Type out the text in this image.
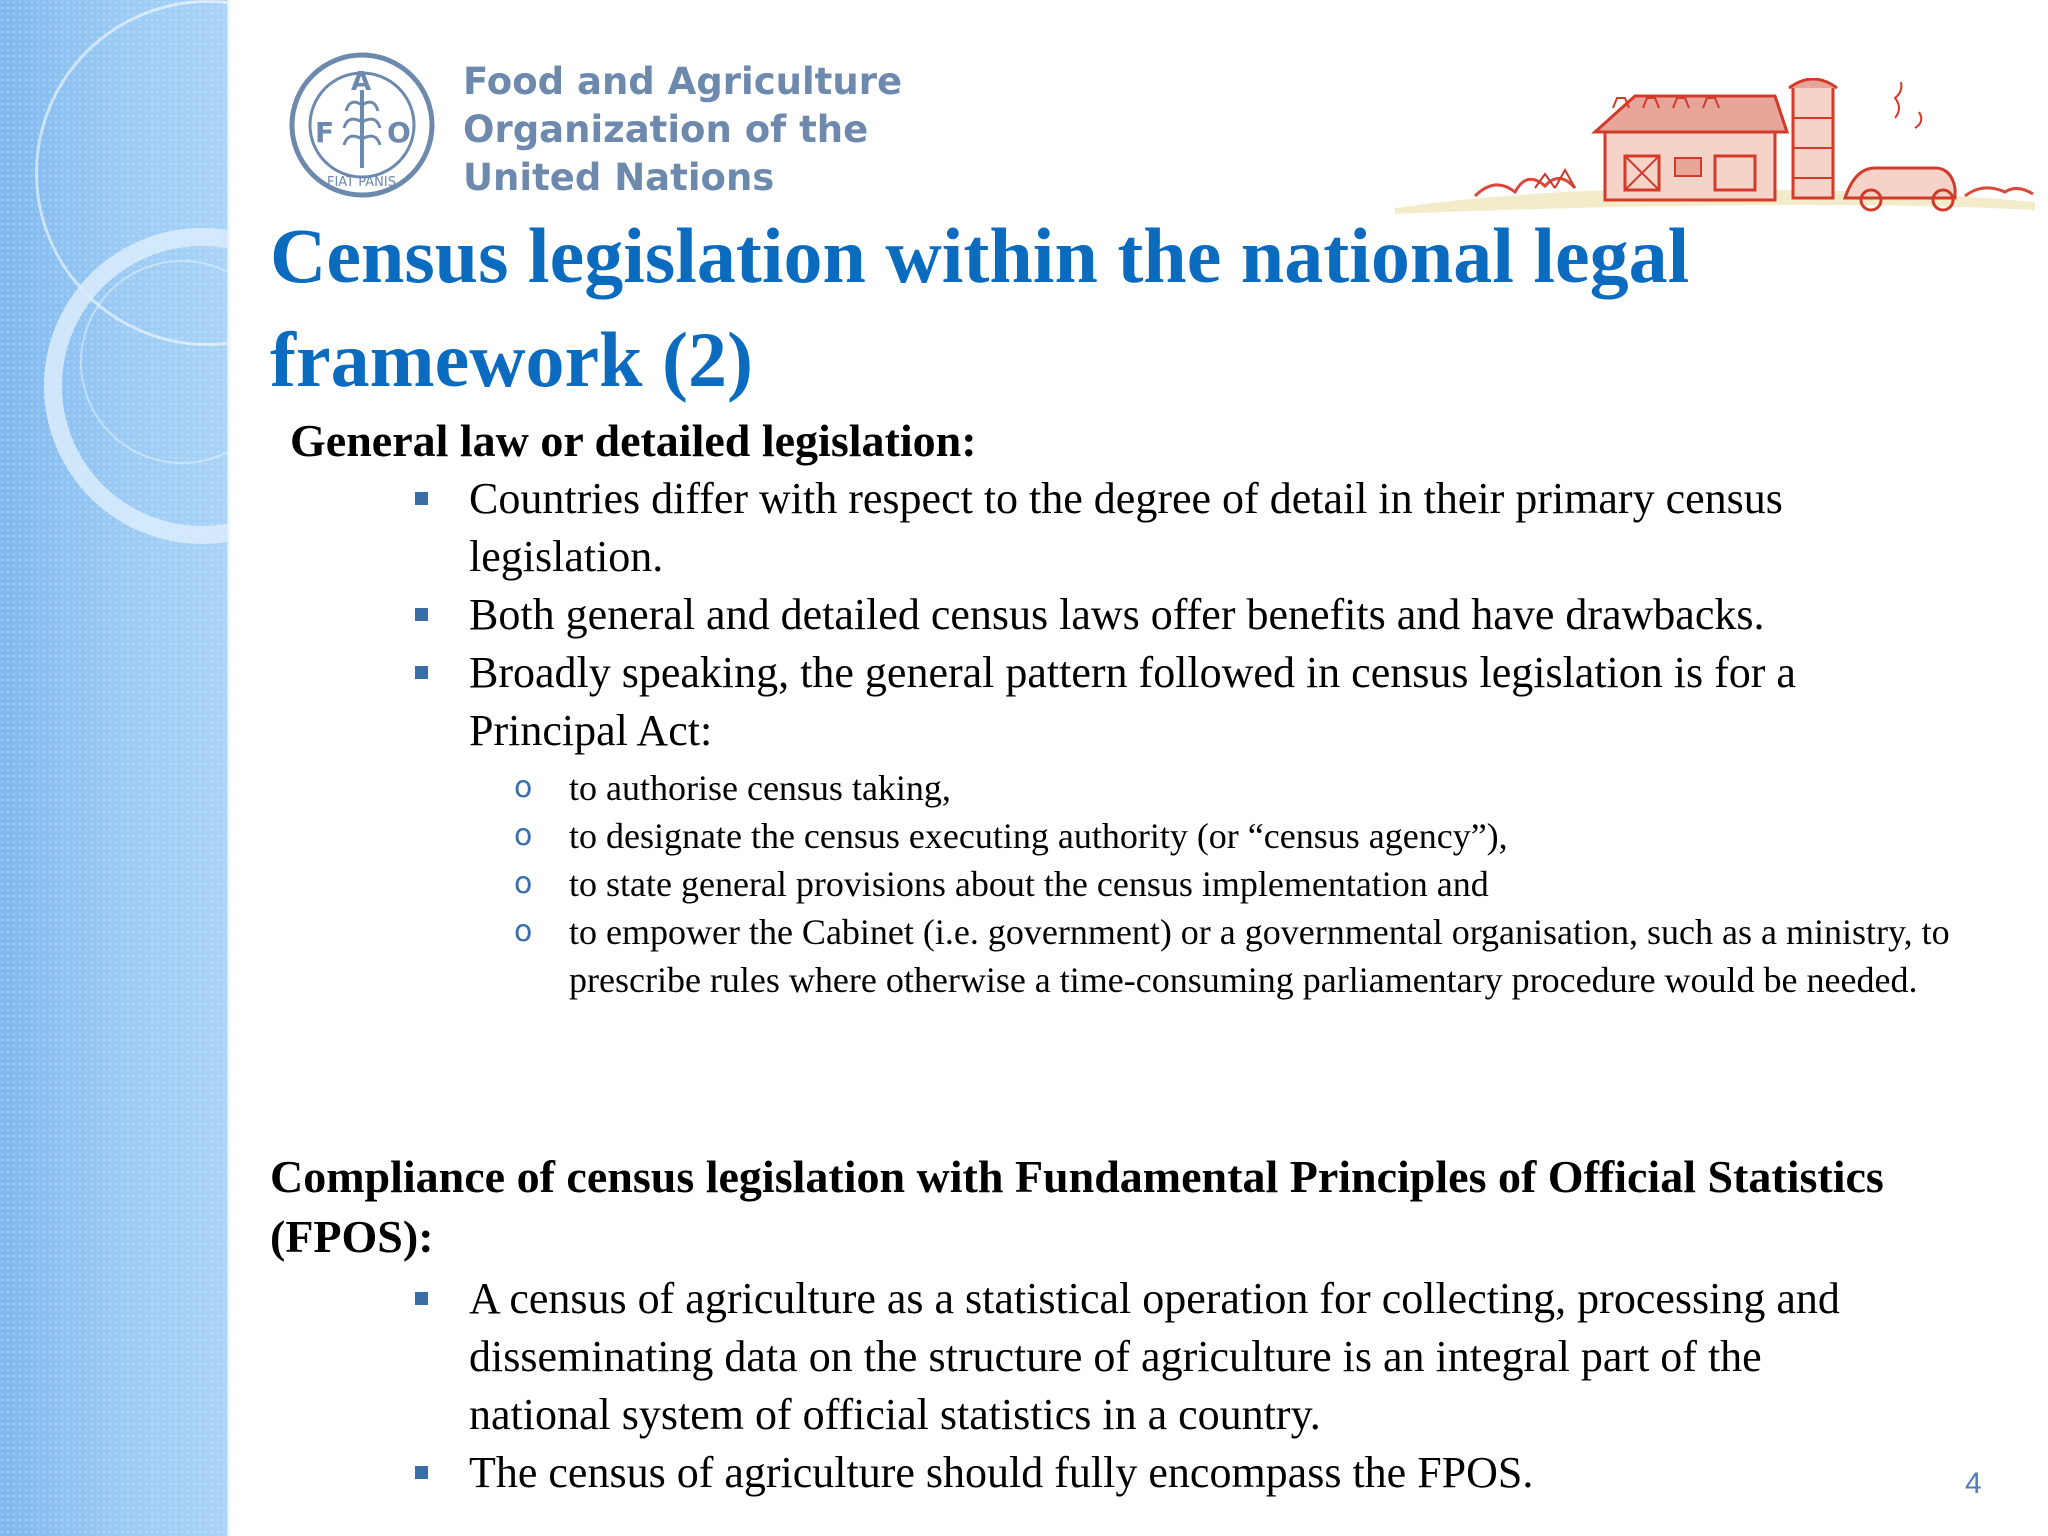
F
A
O
FIAT PANIS
Food and Agriculture
Organization of the
United Nations
Census legislation within the national legal framework (2)
General law or detailed legislation:
Countries differ with respect to the degree of detail in their primary census legislation.
Both general and detailed census laws offer benefits and have drawbacks.
Broadly speaking, the general pattern followed in census legislation is for a Principal Act:
o to authorise census taking,
o to designate the census executing authority (or “census agency”),
o to state general provisions about the census implementation and
o to empower the Cabinet (i.e. government) or a governmental organisation, such as a ministry, to prescribe rules where otherwise a time-consuming parliamentary procedure would be needed.
Compliance of census legislation with Fundamental Principles of Official Statistics (FPOS):
A census of agriculture as a statistical operation for collecting, processing and disseminating data on the structure of agriculture is an integral part of the national system of official statistics in a country.
The census of agriculture should fully encompass the FPOS.	4
